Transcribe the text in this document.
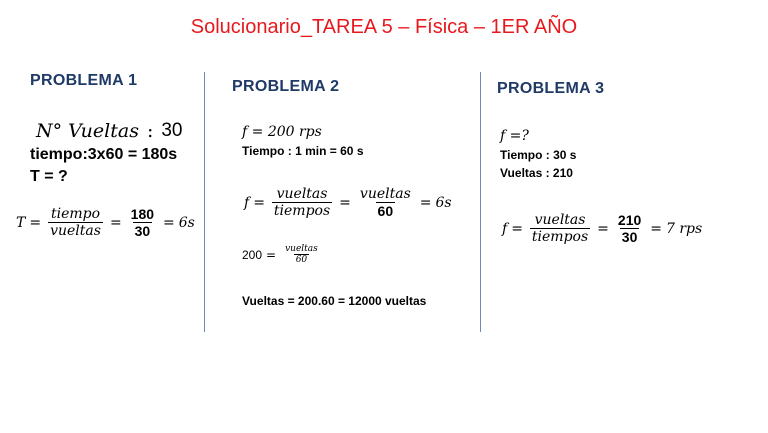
Solucionario_TAREA 5 – Física – 1ER AÑO
PROBLEMA 1
N° Vueltas : 30
tiempo:3x60 = 180s
T = ?
$T = \frac{\text{tiempo}}{\text{vueltas}} = \frac{180}{30} = 6s$
PROBLEMA 2
f = 200 rps
Tiempo : 1 min = 60 s
$f = \frac{\text{vueltas}}{\text{tiempos}} = \frac{\text{vueltas}}{60} = 6s$
$200 = \frac{\text{vueltas}}{60}$
Vueltas = 200.60 = 12000 vueltas
PROBLEMA 3
f =?
Tiempo : 30 s
Vueltas : 210
$f = \frac{\text{vueltas}}{\text{tiempos}} = \frac{210}{30} = 7$ rps
